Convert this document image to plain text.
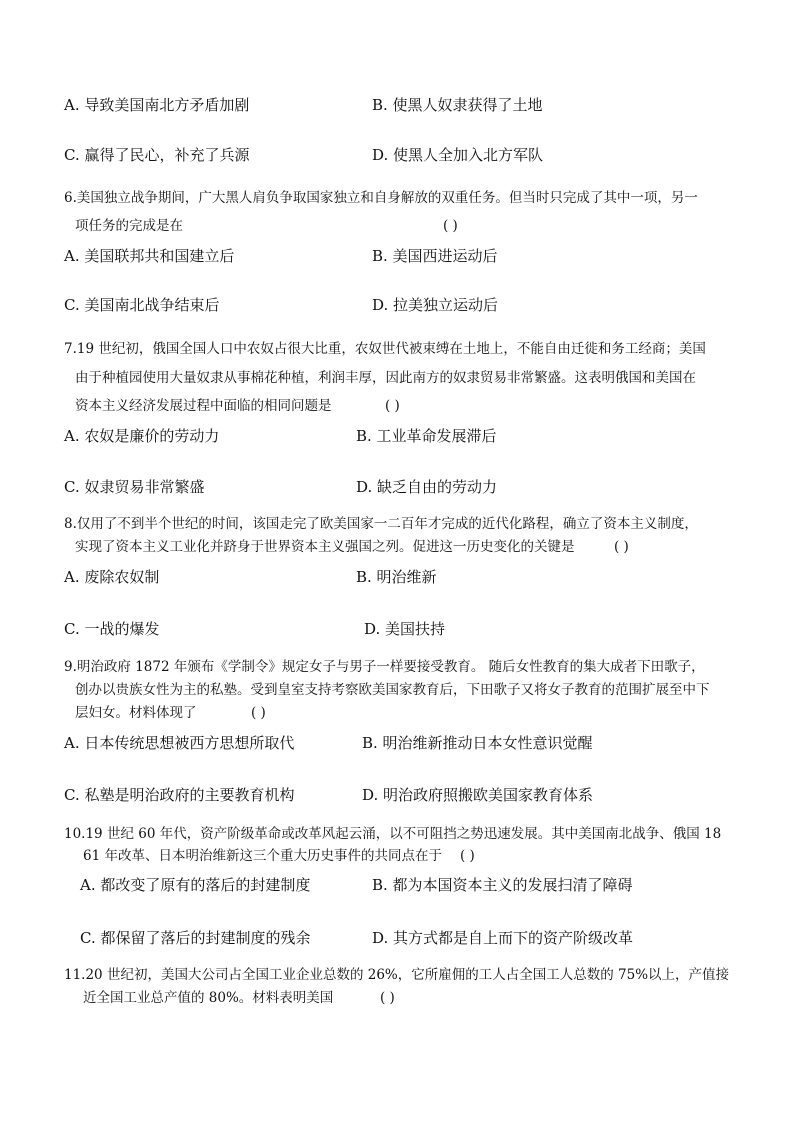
A. 导致美国南北方矛盾加剧	B. 使黑人奴隶获得了土地
C. 赢得了民心，补充了兵源	D. 使黑人全加入北方军队
6.美国独立战争期间，广大黑人肩负争取国家独立和自身解放的双重任务。但当时只完成了其中一项，另一
项任务的完成是在	( )
A. 美国联邦共和国建立后	B. 美国西进运动后
C. 美国南北战争结束后	D. 拉美独立运动后
7.19 世纪初，俄国全国人口中农奴占很大比重，农奴世代被束缚在土地上，不能自由迁徙和务工经商；美国
由于种植园使用大量奴隶从事棉花种植，利润丰厚，因此南方的奴隶贸易非常繁盛。这表明俄国和美国在
资本主义经济发展过程中面临的相同问题是	( )
A. 农奴是廉价的劳动力	B. 工业革命发展滞后
C. 奴隶贸易非常繁盛	D. 缺乏自由的劳动力
8.仅用了不到半个世纪的时间，该国走完了欧美国家一二百年才完成的近代化路程，确立了资本主义制度，
实现了资本主义工业化并跻身于世界资本主义强国之列。促进这一历史变化的关键是	( )
A. 废除农奴制	B. 明治维新
C. 一战的爆发	D. 美国扶持
9.明治政府 1872 年颁布《学制令》规定女子与男子一样要接受教育。 随后女性教育的集大成者下田歌子，
创办以贵族女性为主的私塾。受到皇室支持考察欧美国家教育后，下田歌子又将女子教育的范围扩展至中下
层妇女。材料体现了	( )
A. 日本传统思想被西方思想所取代	B. 明治维新推动日本女性意识觉醒
C. 私塾是明治政府的主要教育机构	D. 明治政府照搬欧美国家教育体系
10.19 世纪 60 年代，资产阶级革命或改革风起云涌，以不可阻挡之势迅速发展。其中美国南北战争、俄国 18
61 年改革、日本明治维新这三个重大历史事件的共同点在于 ( )
A. 都改变了原有的落后的封建制度	B. 都为本国资本主义的发展扫清了障碍
C. 都保留了落后的封建制度的残余	D. 其方式都是自上而下的资产阶级改革
11.20 世纪初，美国大公司占全国工业企业总数的 26%，它所雇佣的工人占全国工人总数的 75%以上，产值接
近全国工业总产值的 80%。材料表明美国	( )
